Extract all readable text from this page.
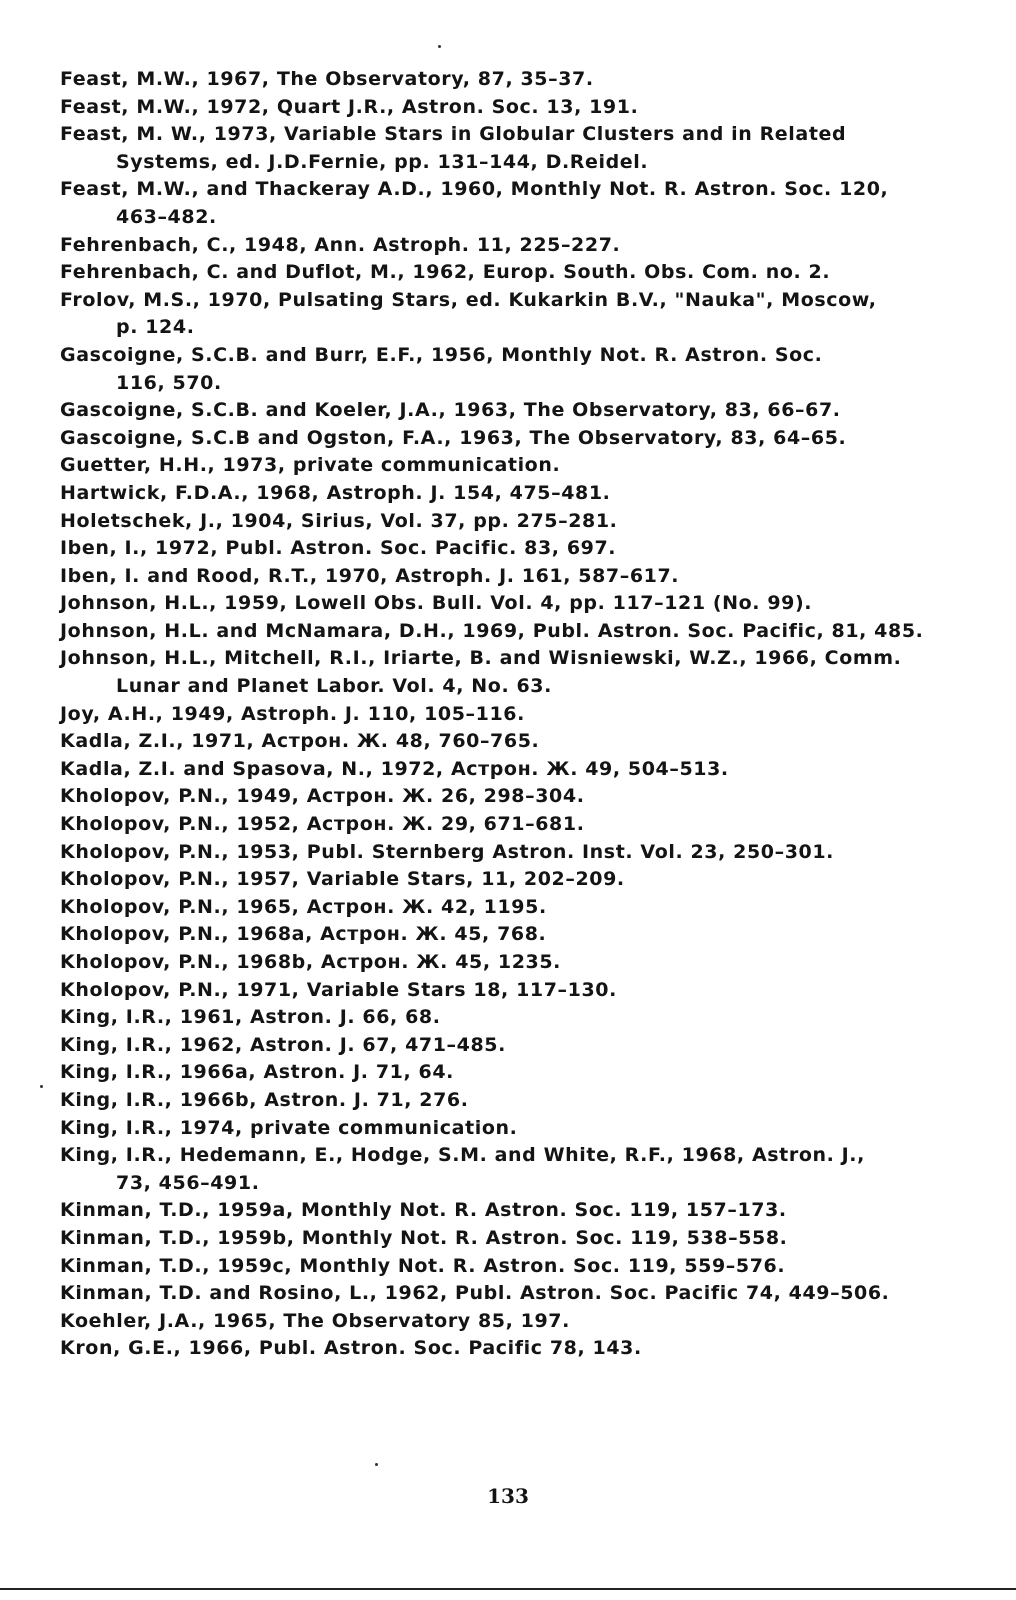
Feast, M.W., 1967, The Observatory, 87, 35–37.
Feast, M.W., 1972, Quart J.R., Astron. Soc. 13, 191.
Feast, M. W., 1973, Variable Stars in Globular Clusters and in Related
Systems, ed. J.D.Fernie, pp. 131–144, D.Reidel.
Feast, M.W., and Thackeray A.D., 1960, Monthly Not. R. Astron. Soc. 120,
463–482.
Fehrenbach, C., 1948, Ann. Astroph. 11, 225–227.
Fehrenbach, C. and Duflot, M., 1962, Europ. South. Obs. Com. no. 2.
Frolov, M.S., 1970, Pulsating Stars, ed. Kukarkin B.V., "Nauka", Moscow,
p. 124.
Gascoigne, S.C.B. and Burr, E.F., 1956, Monthly Not. R. Astron. Soc.
116, 570.
Gascoigne, S.C.B. and Koeler, J.A., 1963, The Observatory, 83, 66–67.
Gascoigne, S.C.B and Ogston, F.A., 1963, The Observatory, 83, 64–65.
Guetter, H.H., 1973, private communication.
Hartwick, F.D.A., 1968, Astroph. J. 154, 475–481.
Holetschek, J., 1904, Sirius, Vol. 37, pp. 275–281.
Iben, I., 1972, Publ. Astron. Soc. Pacific. 83, 697.
Iben, I. and Rood, R.T., 1970, Astroph. J. 161, 587–617.
Johnson, H.L., 1959, Lowell Obs. Bull. Vol. 4, pp. 117–121 (No. 99).
Johnson, H.L. and McNamara, D.H., 1969, Publ. Astron. Soc. Pacific, 81, 485.
Johnson, H.L., Mitchell, R.I., Iriarte, B. and Wisniewski, W.Z., 1966, Comm.
Lunar and Planet Labor. Vol. 4, No. 63.
Joy, A.H., 1949, Astroph. J. 110, 105–116.
Kadla, Z.I., 1971, Астрон. Ж. 48, 760–765.
Kadla, Z.I. and Spasova, N., 1972, Астрон. Ж. 49, 504–513.
Kholopov, P.N., 1949, Астрон. Ж. 26, 298–304.
Kholopov, P.N., 1952, Астрон. Ж. 29, 671–681.
Kholopov, P.N., 1953, Publ. Sternberg Astron. Inst. Vol. 23, 250–301.
Kholopov, P.N., 1957, Variable Stars, 11, 202–209.
Kholopov, P.N., 1965, Астрон. Ж. 42, 1195.
Kholopov, P.N., 1968a, Астрон. Ж. 45, 768.
Kholopov, P.N., 1968b, Астрон. Ж. 45, 1235.
Kholopov, P.N., 1971, Variable Stars 18, 117–130.
King, I.R., 1961, Astron. J. 66, 68.
King, I.R., 1962, Astron. J. 67, 471–485.
King, I.R., 1966a, Astron. J. 71, 64.
King, I.R., 1966b, Astron. J. 71, 276.
King, I.R., 1974, private communication.
King, I.R., Hedemann, E., Hodge, S.M. and White, R.F., 1968, Astron. J.,
73, 456–491.
Kinman, T.D., 1959a, Monthly Not. R. Astron. Soc. 119, 157–173.
Kinman, T.D., 1959b, Monthly Not. R. Astron. Soc. 119, 538–558.
Kinman, T.D., 1959c, Monthly Not. R. Astron. Soc. 119, 559–576.
Kinman, T.D. and Rosino, L., 1962, Publ. Astron. Soc. Pacific 74, 449–506.
Koehler, J.A., 1965, The Observatory 85, 197.
Kron, G.E., 1966, Publ. Astron. Soc. Pacific 78, 143.
133
